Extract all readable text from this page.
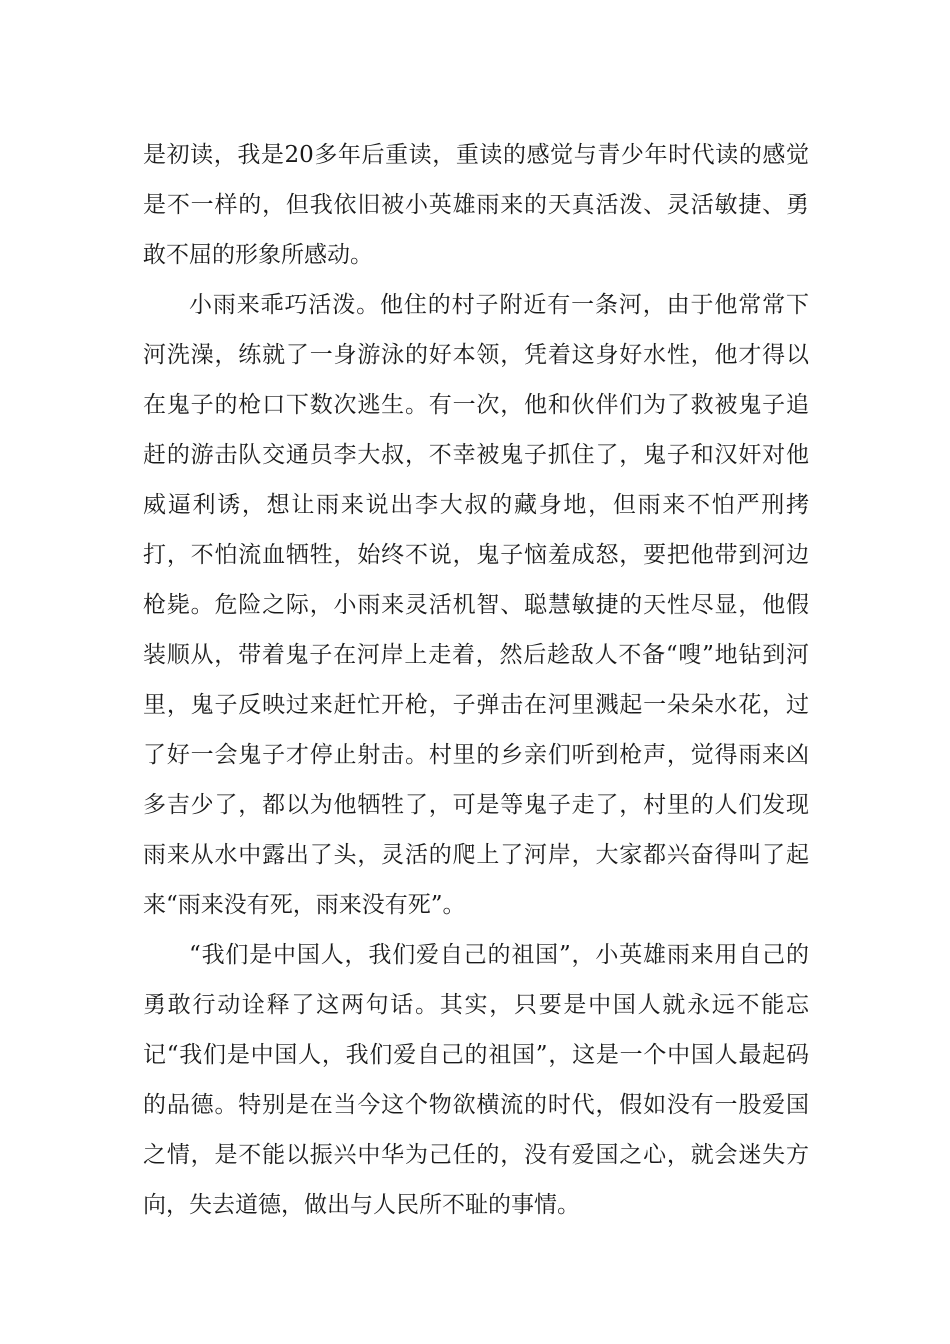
是初读，我是20多年后重读，重读的感觉与青少年时代读的感觉是不一样的，但我依旧被小英雄雨来的天真活泼、灵活敏捷、勇敢不屈的形象所感动。

小雨来乖巧活泼。他住的村子附近有一条河，由于他常常下河洗澡，练就了一身游泳的好本领，凭着这身好水性，他才得以在鬼子的枪口下数次逃生。有一次，他和伙伴们为了救被鬼子追赶的游击队交通员李大叔，不幸被鬼子抓住了，鬼子和汉奸对他威逼利诱，想让雨来说出李大叔的藏身地，但雨来不怕严刑拷打，不怕流血牺牲，始终不说，鬼子恼羞成怒，要把他带到河边枪毙。危险之际，小雨来灵活机智、聪慧敏捷的天性尽显，他假装顺从，带着鬼子在河岸上走着，然后趁敌人不备“嗖”地钻到河里，鬼子反映过来赶忙开枪，子弹击在河里溅起一朵朵水花，过了好一会鬼子才停止射击。村里的乡亲们听到枪声，觉得雨来凶多吉少了，都以为他牺牲了，可是等鬼子走了，村里的人们发现雨来从水中露出了头，灵活的爬上了河岸，大家都兴奋得叫了起来“雨来没有死，雨来没有死”。

“我们是中国人，我们爱自己的祖国”，小英雄雨来用自己的勇敢行动诠释了这两句话。其实，只要是中国人就永远不能忘记“我们是中国人，我们爱自己的祖国”，这是一个中国人最起码的品德。特别是在当今这个物欲横流的时代，假如没有一股爱国之情，是不能以振兴中华为己任的，没有爱国之心，就会迷失方向，失去道德，做出与人民所不耻的事情。
